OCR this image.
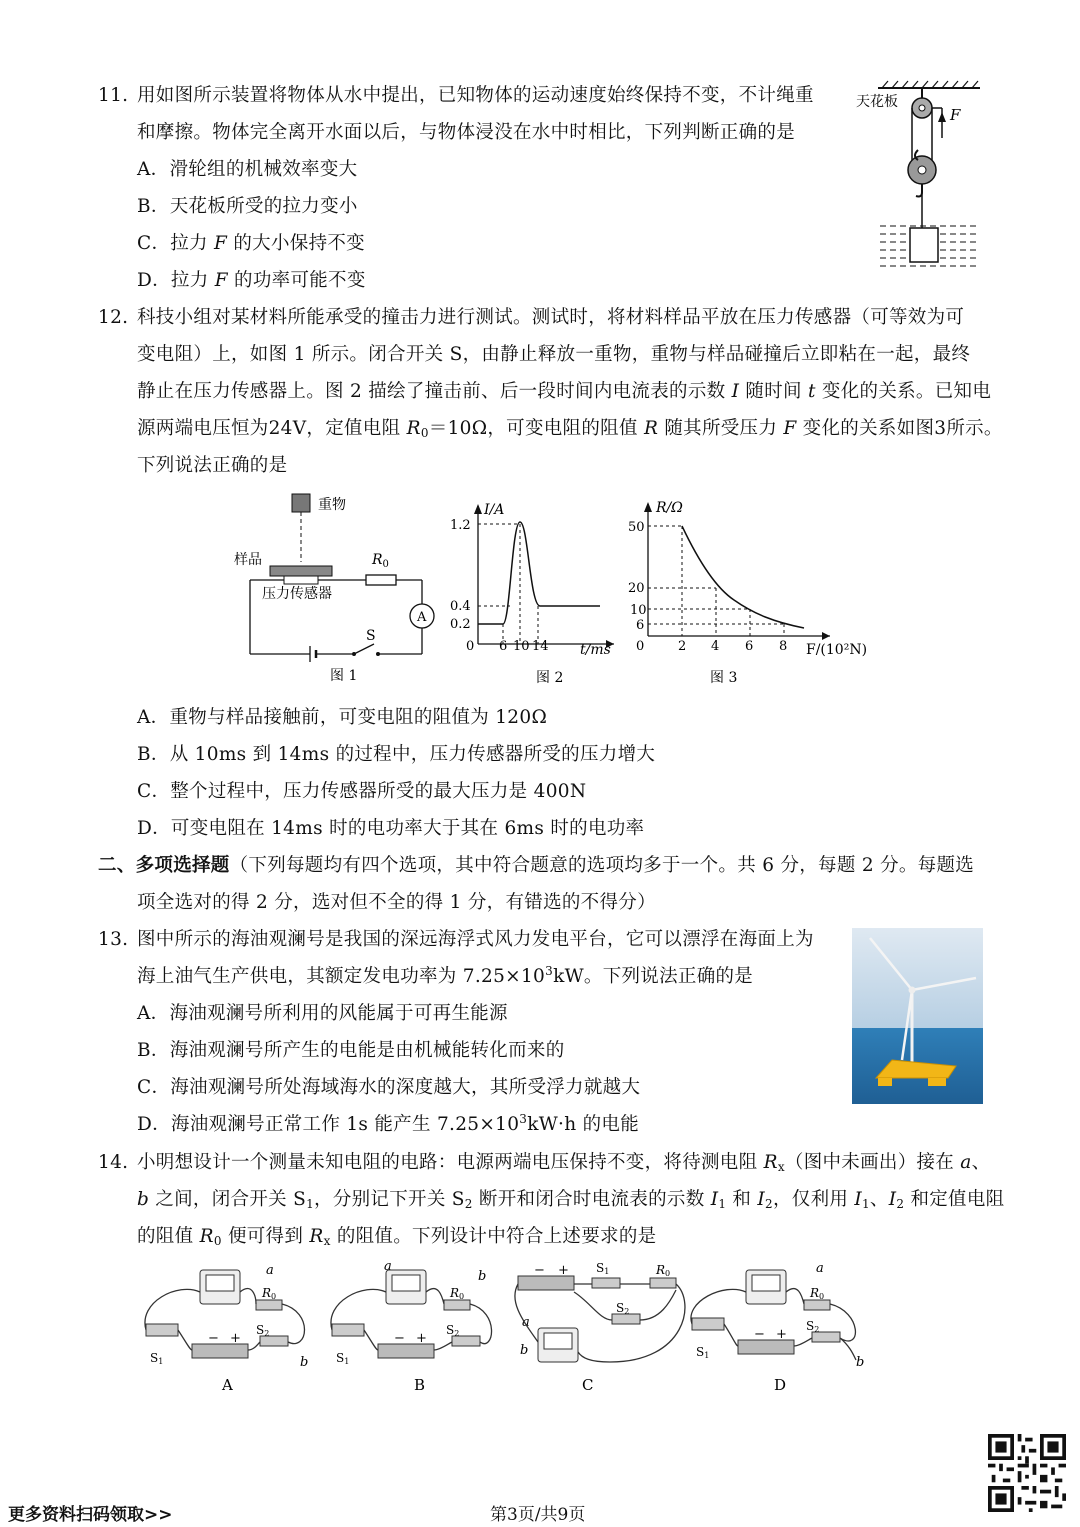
11. 用如图所示装置将物体从水中提出，已知物体的运动速度始终保持不变，不计绳重
和摩擦。物体完全离开水面以后，与物体浸没在水中时相比，下列判断正确的是
A．滑轮组的机械效率变大
B．天花板所受的拉力变小
C．拉力 F 的大小保持不变
D．拉力 F 的功率可能不变
天花板
F
12. 科技小组对某材料所能承受的撞击力进行测试。测试时，将材料样品平放在压力传感器（可等效为可
变电阻）上，如图 1 所示。闭合开关 S，由静止释放一重物，重物与样品碰撞后立即粘在一起，最终
静止在压力传感器上。图 2 描绘了撞击前、后一段时间内电流表的示数 I 随时间 t 变化的关系。已知电
源两端电压恒为24V，定值电阻 $R_0=10\Omega$，可变电阻的阻值 R 随其所受压力 F 变化的关系如图3所示。
下列说法正确的是
重物
样品
压力传感器
$R_0$
A
S
图 1
I/A
t/ms
1.2
0.4
0.2
0 6 10 14
图 2
R/Ω
F/(10²N)
50
20
10
6
0	2 4 6 8
图 3
A．重物与样品接触前，可变电阻的阻值为 120Ω
B．从 10ms 到 14ms 的过程中，压力传感器所受的压力增大
C．整个过程中，压力传感器所受的最大压力是 400N
D．可变电阻在 14ms 时的电功率大于其在 6ms 时的电功率
二、多项选择题（下列每题均有四个选项，其中符合题意的选项均多于一个。共 6 分，每题 2 分。每题选
项全选对的得 2 分，选对但不全的得 1 分，有错选的不得分）
13. 图中所示的海油观澜号是我国的深远海浮式风力发电平台，它可以漂浮在海面上为
海上油气生产供电，其额定发电功率为 $7.25\times 10^3kW$。下列说法正确的是
A．海油观澜号所利用的风能属于可再生能源
B．海油观澜号所产生的电能是由机械能转化而来的
C．海油观澜号所处海域海水的深度越大，其所受浮力就越大
D．海油观澜号正常工作 1s 能产生 $7.25\times 10^3kW\cdot h$ 的电能
14. 小明想设计一个测量未知电阻的电路：电源两端电压保持不变，将待测电阻 $R_x$（图中未画出）接在 a、
b 之间，闭合开关 $S_1$，分别记下开关 $S_2$ 断开和闭合时电流表的示数 $I_1$ 和 $I_2$，仅利用 $I_1$、$I_2$ 和定值电阻
的阻值 $R_0$ 便可得到 $R_x$ 的阻值。下列设计中符合上述要求的是
R0
a
S1
− +
S2
b
A
R0
a
b
S1
− +
S2
B
− + S1	R0
S2
a
b
C
R0
a
S1
− +
S2
b
D
更多资料扫码领取>>	第3页/共9页
